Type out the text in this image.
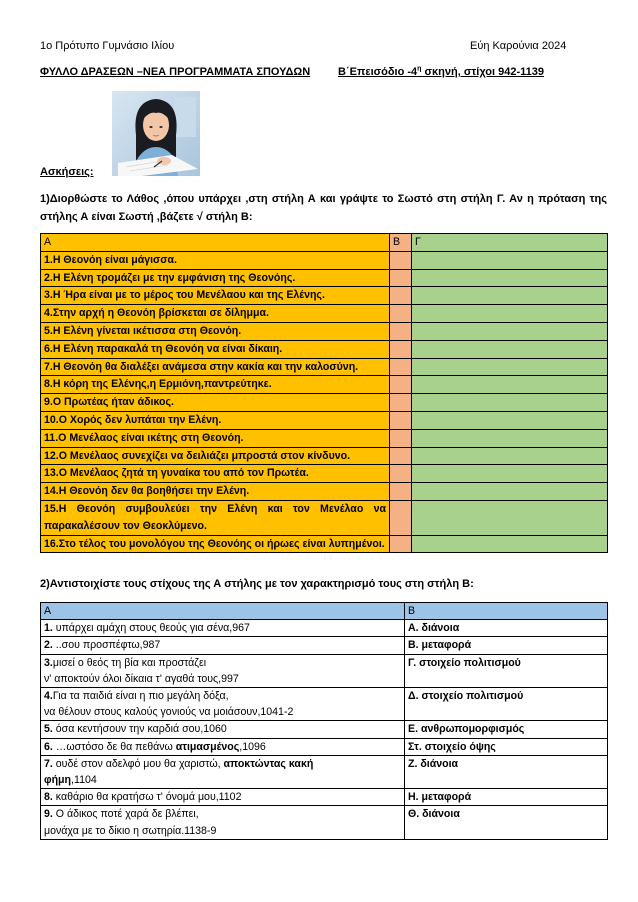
1ο Πρότυπο Γυμνάσιο Ιλίου	Εύη Καρούνια 2024
ΦΥΛΛΟ ΔΡΑΣΕΩΝ –ΝΕΑ ΠΡΟΓΡΑΜΜΑΤΑ ΣΠΟΥΔΩΝ	Β΄Επεισόδιο $-4^\eta$ σκηνή, στίχοι 942-1139
Ασκήσεις:
1)Διορθώστε το Λάθος ,όπου υπάρχει ,στη στήλη Α και γράψτε το Σωστό στη στήλη Γ. Αν η πρόταση της στήλης Α είναι Σωστή ,βάζετε √ στήλη Β:
Α	Β	Γ
1.Η Θεονόη είναι μάγισσα.		
2.Η Ελένη τρομάζει με την εμφάνιση της Θεονόης.		
3.Η Ήρα είναι με το μέρος του Μενέλαου και της Ελένης.		
4.Στην αρχή η Θεονόη βρίσκεται σε δίλημμα.		
5.Η Ελένη γίνεται ικέτισσα στη Θεονόη.		
6.Η Ελένη παρακαλά τη Θεονόη να είναι δίκαιη.		
7.Η Θεονόη θα διαλέξει ανάμεσα στην κακία και την καλοσύνη.		
8.Η κόρη της Ελένης,η Ερμιόνη,παντρεύτηκε.		
9.Ο Πρωτέας ήταν άδικος.		
10.Ο Χορός δεν λυπάται την Ελένη.		
11.Ο Μενέλαος είναι ικέτης στη Θεονόη.		
12.Ο Μενέλαος συνεχίζει να δειλιάζει μπροστά στον κίνδυνο.		
13.Ο Μενέλαος ζητά τη γυναίκα του από τον Πρωτέα.		
14.Η Θεονόη δεν θα βοηθήσει την Ελένη.		
15.Η Θεονόη συμβουλεύει την Ελένη και τον Μενέλαο να παρακαλέσουν τον Θεοκλύμενο.		
16.Στο τέλος του μονολόγου της Θεονόης οι ήρωες είναι λυπημένοι.		
2)Αντιστοιχίστε τους στίχους της Α στήλης με τον χαρακτηρισμό τους στη στήλη Β:
Α	Β
1. υπάρχει αμάχη στους θεούς για σένα,967	Α. διάνοια
2. ..σου προσπέφτω,987	Β. μεταφορά
3.μισεί ο θεός τη βία και προστάζει
ν' αποκτούν όλοι δίκαια τ' αγαθά τους,997	Γ. στοιχείο πολιτισμού
4.Για τα παιδιά είναι η πιο μεγάλη δόξα,
να θέλουν στους καλούς γονιούς να μοιάσουν,1041-2	Δ. στοιχείο πολιτισμού
5. όσα κεντήσουν την καρδιά σου,1060	Ε. ανθρωπομορφισμός
6. …ωστόσο δε θα πεθάνω ατιμασμένος,1096	Στ. στοιχείο όψης
7. ουδέ στον αδελφό μου θα χαριστώ, αποκτώντας κακή
φήμη,1104	Ζ. διάνοια
8. καθάριο θα κρατήσω τ' όνομά μου,1102	Η. μεταφορά
9. Ο άδικος ποτέ χαρά δε βλέπει,
μονάχα με το δίκιο η σωτηρία.1138-9	Θ. διάνοια
